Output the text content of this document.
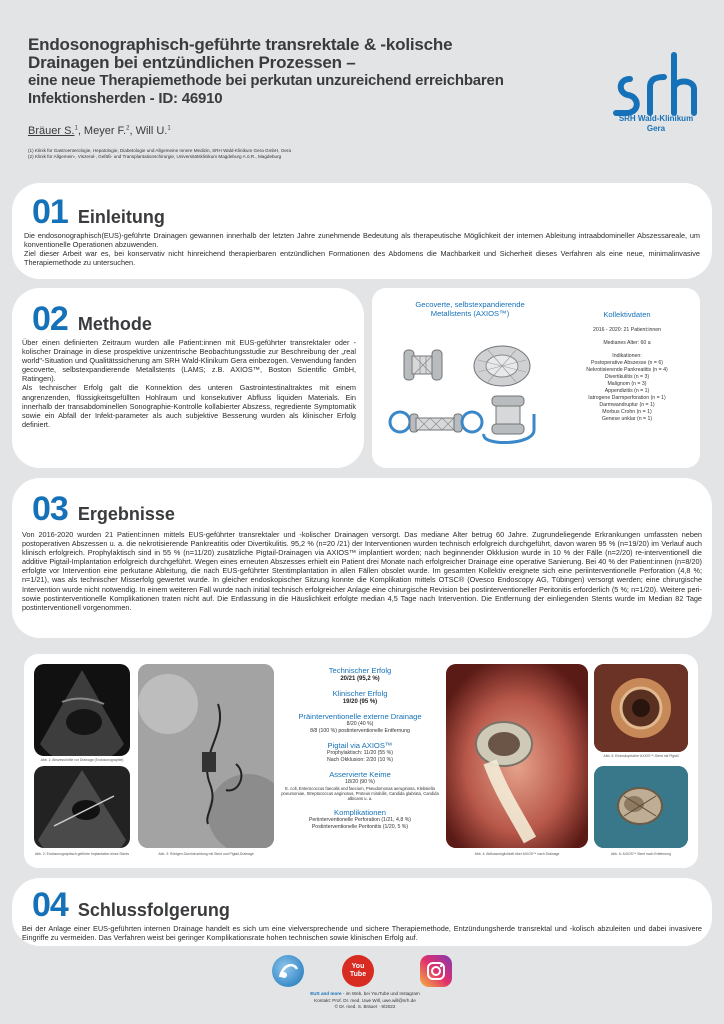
Endosonographisch-geführte transrektale & -kolische
Drainagen bei entzündlichen Prozessen –
eine neue Therapiemethode bei perkutan unzureichend erreichbaren
Infektionsherden - ID: 46910
Bräuer S.$^1$, Meyer F.$^2$, Will U.$^1$
(1) Klinik für Gastroenterologie, Hepatologie, Diabetologie und Allgemeine Innere Medizin, SRH Wald-Klinikum Gera GmbH, Gera
(2) Klinik für Allgemein-, Viszeral-, Gefäß- und Transplantationschirurgie, Universitätsklinikum Magdeburg A.ö.R., Magdeburg
SRH Wald-Klinikum
Gera
01 Einleitung
Die endosonographisch(EUS)-geführte Drainagen gewannen innerhalb der letzten Jahre zunehmende Bedeutung als therapeutische Möglichkeit der internen Ableitung intraabdomineller Abszessareale, um konventionelle Operationen abzuwenden.
Ziel dieser Arbeit war es, bei konservativ nicht hinreichend therapierbaren entzündlichen Formationen des Abdomens die Machbarkeit und Sicherheit dieses Verfahren als eine neue, minimalinvasive Therapiemethode zu untersuchen.
02 Methode
Über einen definierten Zeitraum wurden alle Patient:innen mit EUS-geführter transrektaler oder -kolischer Drainage in diese prospektive unizentrische Beobachtungsstudie zur Beschreibung der „real world"-Situation und Qualitätssicherung am SRH Wald-Klinikum Gera einbezogen. Verwendung fanden gecoverte, selbstexpandierende Metallstents (LAMS; z.B. AXIOS™, Boston Scientific GmbH, Ratingen).
Als technischer Erfolg galt die Konnektion des unteren Gastrointestinaltraktes mit einem angrenzenden, flüssigkeitsgefüllten Hohlraum und konsekutiver Abfluss liquiden Materials. Ein innerhalb der transabdominellen Sonographie-Kontrolle kollabierter Abszess, regrediente Symptomatik sowie ein Abfall der Infekt-parameter als auch subjektive Besserung wurden als klinischer Erfolg definiert.
Gecoverte, selbstexpandierende
Metallstents (AXIOS™)	Kollektivdaten
2016 - 2020: 21 Patient:innen
Medianes Alter: 60 a
Indikationen:
Postoperative Abszesse (n = 6)
Nekrotisierende Pankreatitis (n = 4)
Divertikulitis (n = 3)
Malignom (n = 3)
Appendizitis (n = 1)
Iatrogene Darmperforation (n = 1)
Darmwandruptur (n = 1)
Morbus Crohn (n = 1)
Genese unklar (n = 1)
03 Ergebnisse
Von 2016-2020 wurden 21 Patient:innen mittels EUS-geführter transrektaler und -kolischer Drainagen versorgt. Das mediane Alter betrug 60 Jahre. Zugrundeliegende Erkrankungen umfassten neben postoperativen Abszessen u. a. die nekrotisierende Pankreatitis oder Divertikulitis. 95,2 % (n=20 /21) der Interventionen wurden technisch erfolgreich durchgeführt, davon waren 95 % (n=19/20) im Verlauf auch klinisch erfolgreich. Prophylaktisch sind in 55 % (n=11/20) zusätzliche Pigtail-Drainagen via AXIOS™ implantiert worden; nach beginnender Okklusion wurde in 10 % der Fälle (n=2/20) re-interventionell die additive Pigtail-Implantation erfolgreich durchgeführt. Wegen eines erneuten Abszesses erhielt ein Patient drei Monate nach erfolgreicher Drainage eine operative Sanierung. Bei 40 % der Patient:innen (n=8/20) erfolgte vor Intervention eine perkutane Ableitung, die nach EUS-geführter Stentimplantation in allen Fällen obsolet wurde. Im gesamten Kollektiv ereignete sich eine periinterventionelle Perforation (4,8 %; n=1/21), was als technischer Misserfolg gewertet wurde. In gleicher endoskopischer Sitzung konnte die Komplikation mittels OTSC® (Ovesco Endoscopy AG, Tübingen) versorgt werden; eine chirurgische Intervention wurde nicht notwendig. In einem weiteren Fall wurde nach initial technisch erfolgreicher Anlage eine chirurgische Revision bei postinterventioneller Peritonitis erforderlich (5 %; n=1/20). Weitere peri- sowie postinterventionelle Komplikationen traten nicht auf. Die Entlassung in die Häuslichkeit erfolgte median 4,5 Tage nach Intervention. Die Entfernung der einliegenden Stents wurde im Median 82 Tage postinterventionell vorgenommen.
Abb. 1: Abszesshöhle vor Drainage (Endosonographie)
Abb. 2: Endosonographisch geführte Implantation eines Stents	Abb. 3: Röntgen-Durchleuchtung mit Stent und Pigtail-Drainage
Technischer Erfolg
20/21 (95,2 %)
Klinischer Erfolg
19/20 (95 %)
Präinterventionelle externe Drainage
8/20 (40 %)
8/8 (100 %) postinterventionelle Entfernung
Pigtail via AXIOS™
Prophylaktisch: 11/20 (55 %)
Nach Okklusion: 2/20 (10 %)
Asservierte Keime
18/20 (90 %)
E. coli, Enterococcus faecalis und faecium, Pseudomonas aeruginosa, Klebsiella pneumoniae, Streptococcus anginosus, Proteus mirabilis, Candida glabrata, Candida albicans u. a.
Komplikationen
Periinterventionelle Perforation (1/21, 4,8 %)
Postinterventionelle Peritonitis (1/20, 5 %)
Abb. 4: Abflussmöglichkeit über AXIOS™ nach Drainage
Abb. 5: Endoskopischer AXIOS™-Stent mit Pigtail
Abb. 6: AXIOS™ Stent nach Entfernung
04 Schlussfolgerung
Bei der Anlage einer EUS-geführten internen Drainage handelt es sich um eine vielversprechende und sichere Therapiemethode, Entzündungsherde transrektal und -kolisch abzuleiten und dabei invasivere Eingriffe zu vermeiden. Das Verfahren weist bei geringer Komplikationsrate hohen technischen sowie klinischen Erfolg auf.
You
Tube
EUS and more - im Web, bei YouTube und Instagram
Kontakt: Prof. Dr. med. Uwe Will, uwe.will@srh.de
© Dr. med. S. Bräuer · 9/2022
